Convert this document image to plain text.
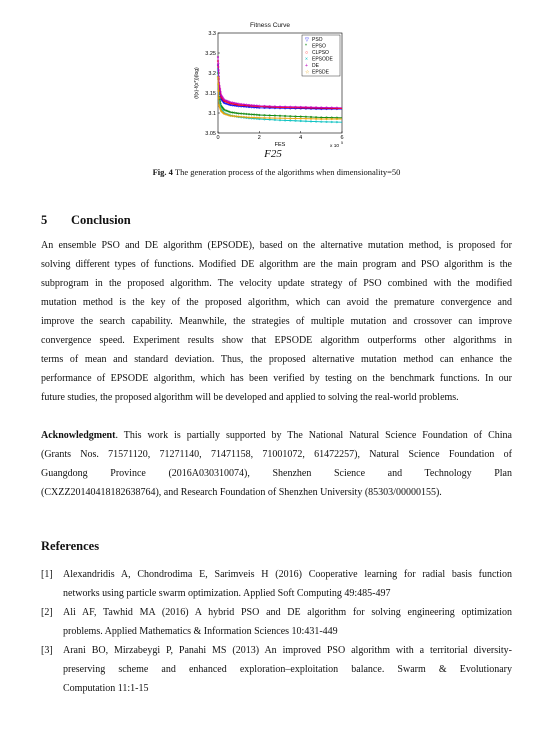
Fitness Curve
3.05
3.1
3.15
3.2
3.25
3.3
0	2	4	6
FES
(f(x)-f(x*))(log)
x 10
5
▽ PSO
* EPSO
○ CLPSO
× EPSODE
+ DE
☆ EPSDE
F25
Fig. 4 The generation process of the algorithms when dimensionality=50
5 Conclusion
An ensemble PSO and DE algorithm (EPSODE), based on the alternative mutation method, is proposed for
solving different types of functions. Modified DE algorithm are the main program and PSO algorithm is the
subprogram in the proposed algorithm. The velocity update strategy of PSO combined with the modified
mutation method is the key of the proposed algorithm, which can avoid the premature convergence and
improve the search capability. Meanwhile, the strategies of multiple mutation and crossover can improve
convergence speed. Experiment results show that EPSODE algorithm outperforms other algorithms in
terms of mean and standard deviation. Thus, the proposed alternative mutation method can enhance the
performance of EPSODE algorithm, which has been verified by testing on the benchmark functions. In our
future studies, the proposed algorithm will be developed and applied to solving the real-world problems.
Acknowledgment. This work is partially supported by The National Natural Science Foundation of China
(Grants Nos. 71571120, 71271140, 71471158, 71001072, 61472257), Natural Science Foundation of
Guangdong Province (2016A030310074), Shenzhen Science and Technology Plan
(CXZZ20140418182638764), and Research Foundation of Shenzhen University (85303/00000155).
References
[1] Alexandridis A, Chondrodima E, Sarimveis H (2016) Cooperative learning for radial basis function
networks using particle swarm optimization. Applied Soft Computing 49:485-497
[2] Ali AF, Tawhid MA (2016) A hybrid PSO and DE algorithm for solving engineering optimization
problems. Applied Mathematics & Information Sciences 10:431-449
[3] Arani BO, Mirzabeygi P, Panahi MS (2013) An improved PSO algorithm with a territorial diversity-
preserving scheme and enhanced exploration–exploitation balance. Swarm & Evolutionary
Computation 11:1-15
